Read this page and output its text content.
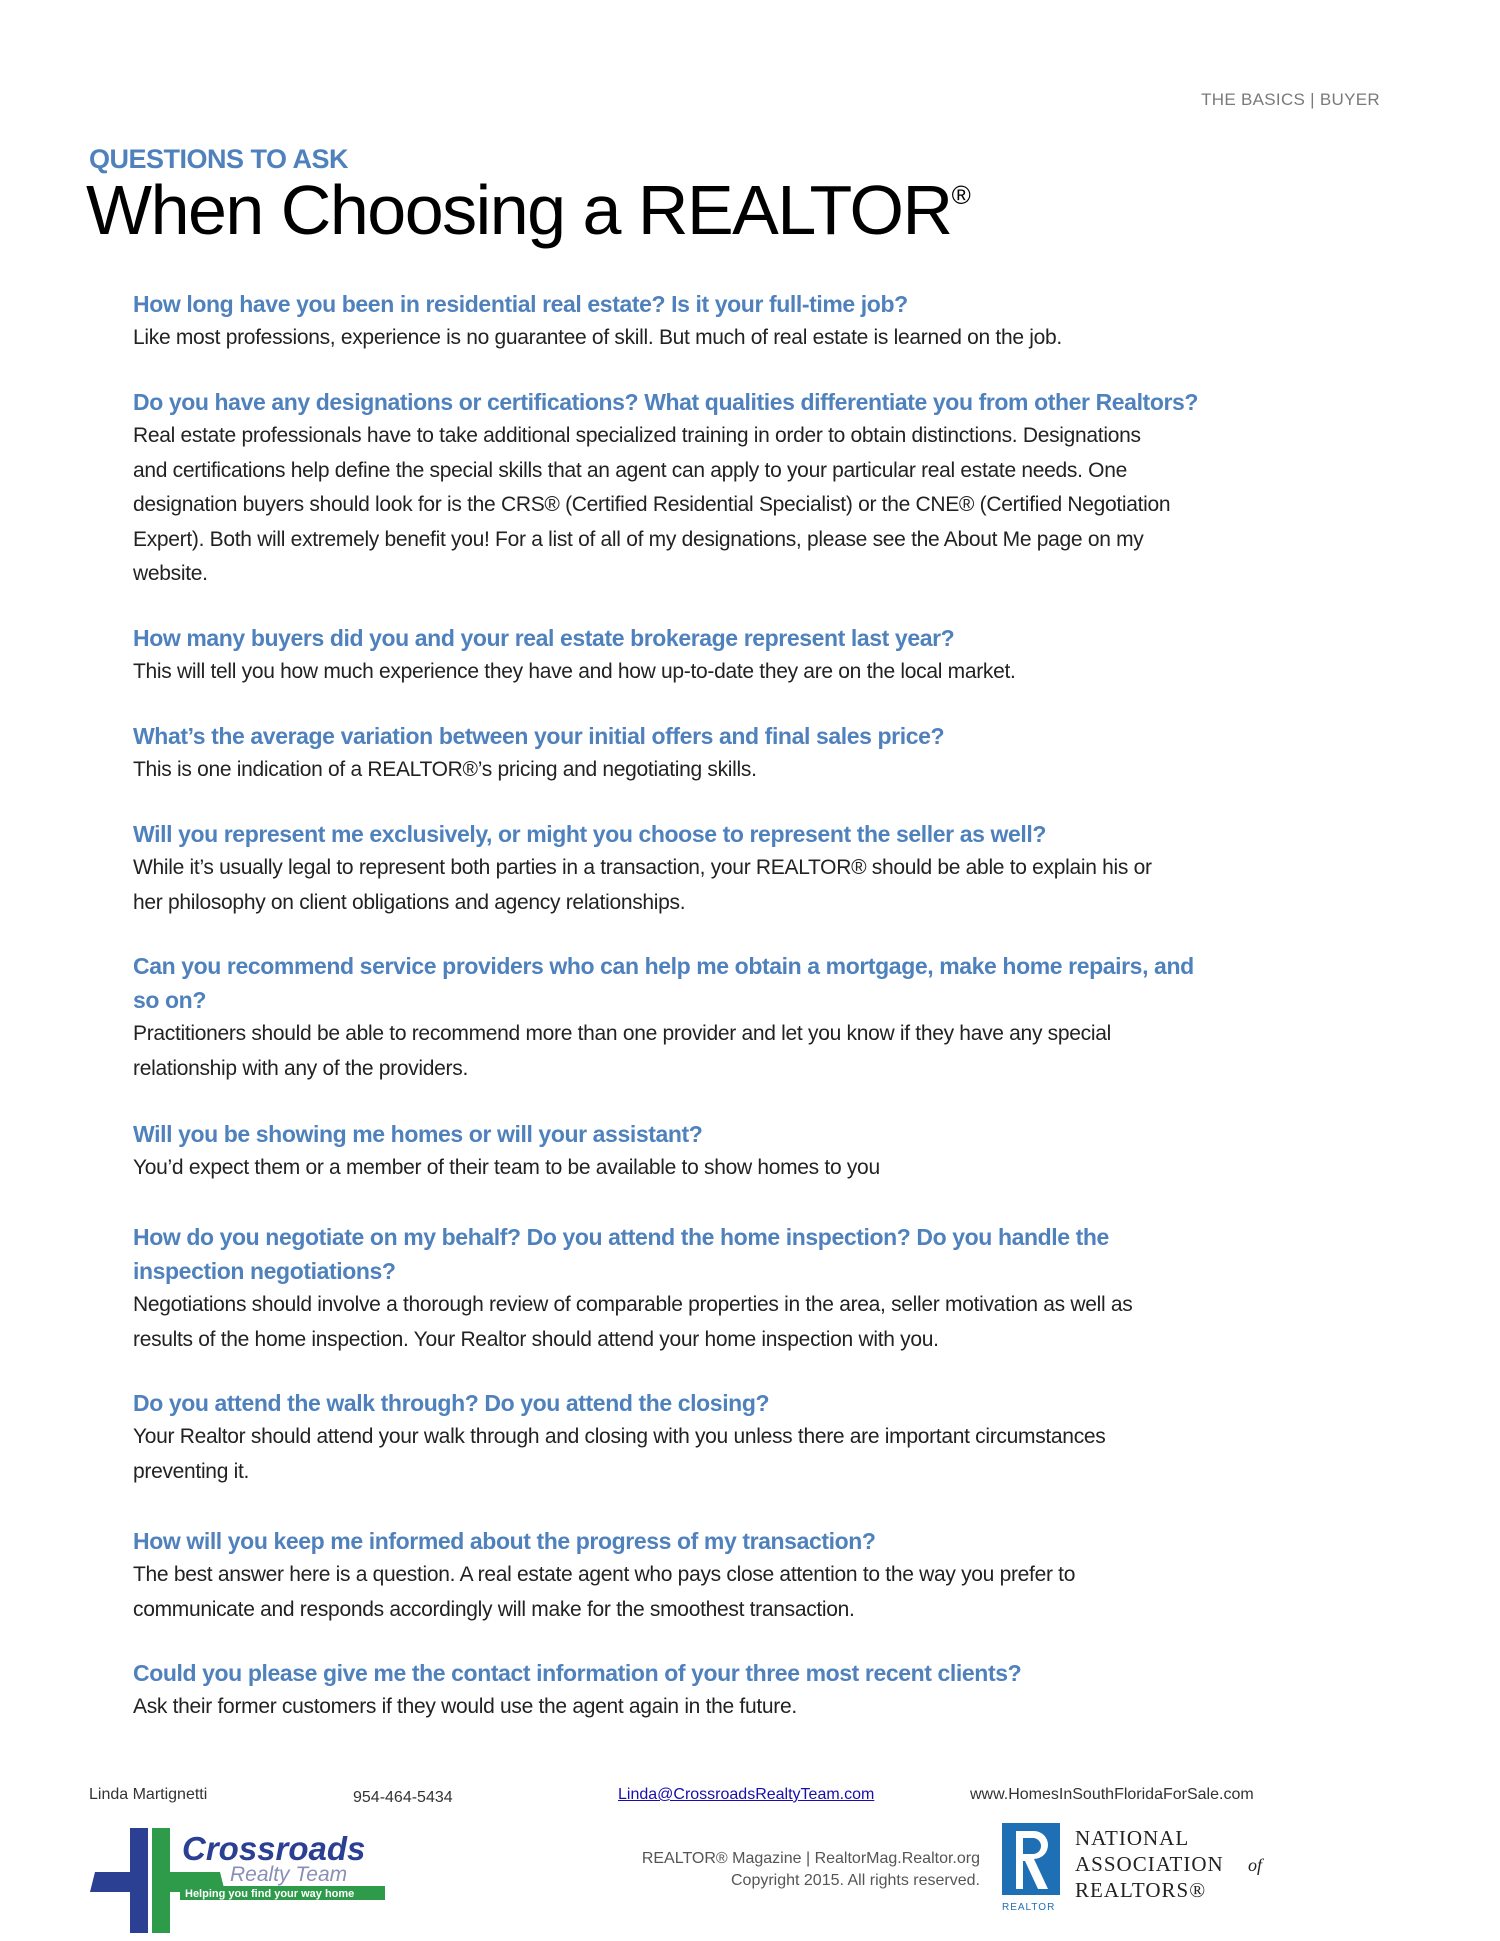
THE BASICS | BUYER
QUESTIONS TO ASK
When Choosing a REALTOR®
How long have you been in residential real estate? Is it your full-time job?
Like most professions, experience is no guarantee of skill. But much of real estate is learned on the job.
Do you have any designations or certifications? What qualities differentiate you from other Realtors?
Real estate professionals have to take additional specialized training in order to obtain distinctions. Designations
and certifications help define the special skills that an agent can apply to your particular real estate needs. One
designation buyers should look for is the CRS® (Certified Residential Specialist) or the CNE® (Certified Negotiation
Expert). Both will extremely benefit you! For a list of all of my designations, please see the About Me page on my
website.
How many buyers did you and your real estate brokerage represent last year?
This will tell you how much experience they have and how up-to-date they are on the local market.
What’s the average variation between your initial offers and final sales price?
This is one indication of a REALTOR®’s pricing and negotiating skills.
Will you represent me exclusively, or might you choose to represent the seller as well?
While it’s usually legal to represent both parties in a transaction, your REALTOR® should be able to explain his or
her philosophy on client obligations and agency relationships.
Can you recommend service providers who can help me obtain a mortgage, make home repairs, and
so on?
Practitioners should be able to recommend more than one provider and let you know if they have any special
relationship with any of the providers.
Will you be showing me homes or will your assistant?
You’d expect them or a member of their team to be available to show homes to you
How do you negotiate on my behalf? Do you attend the home inspection? Do you handle the
inspection negotiations?
Negotiations should involve a thorough review of comparable properties in the area, seller motivation as well as
results of the home inspection. Your Realtor should attend your home inspection with you.
Do you attend the walk through? Do you attend the closing?
Your Realtor should attend your walk through and closing with you unless there are important circumstances
preventing it.
How will you keep me informed about the progress of my transaction?
The best answer here is a question. A real estate agent who pays close attention to the way you prefer to
communicate and responds accordingly will make for the smoothest transaction.
Could you please give me the contact information of your three most recent clients?
Ask their former customers if they would use the agent again in the future.
Linda Martignetti	954-464-5434	Linda@CrossroadsRealtyTeam.com	www.HomesInSouthFloridaForSale.com
Helping you find your way home
Crossroads
Realty Team
REALTOR® Magazine | RealtorMag.Realtor.org
Copyright 2015. All rights reserved.
REALTOR
NATIONAL
ASSOCIATION of
REALTORS®
